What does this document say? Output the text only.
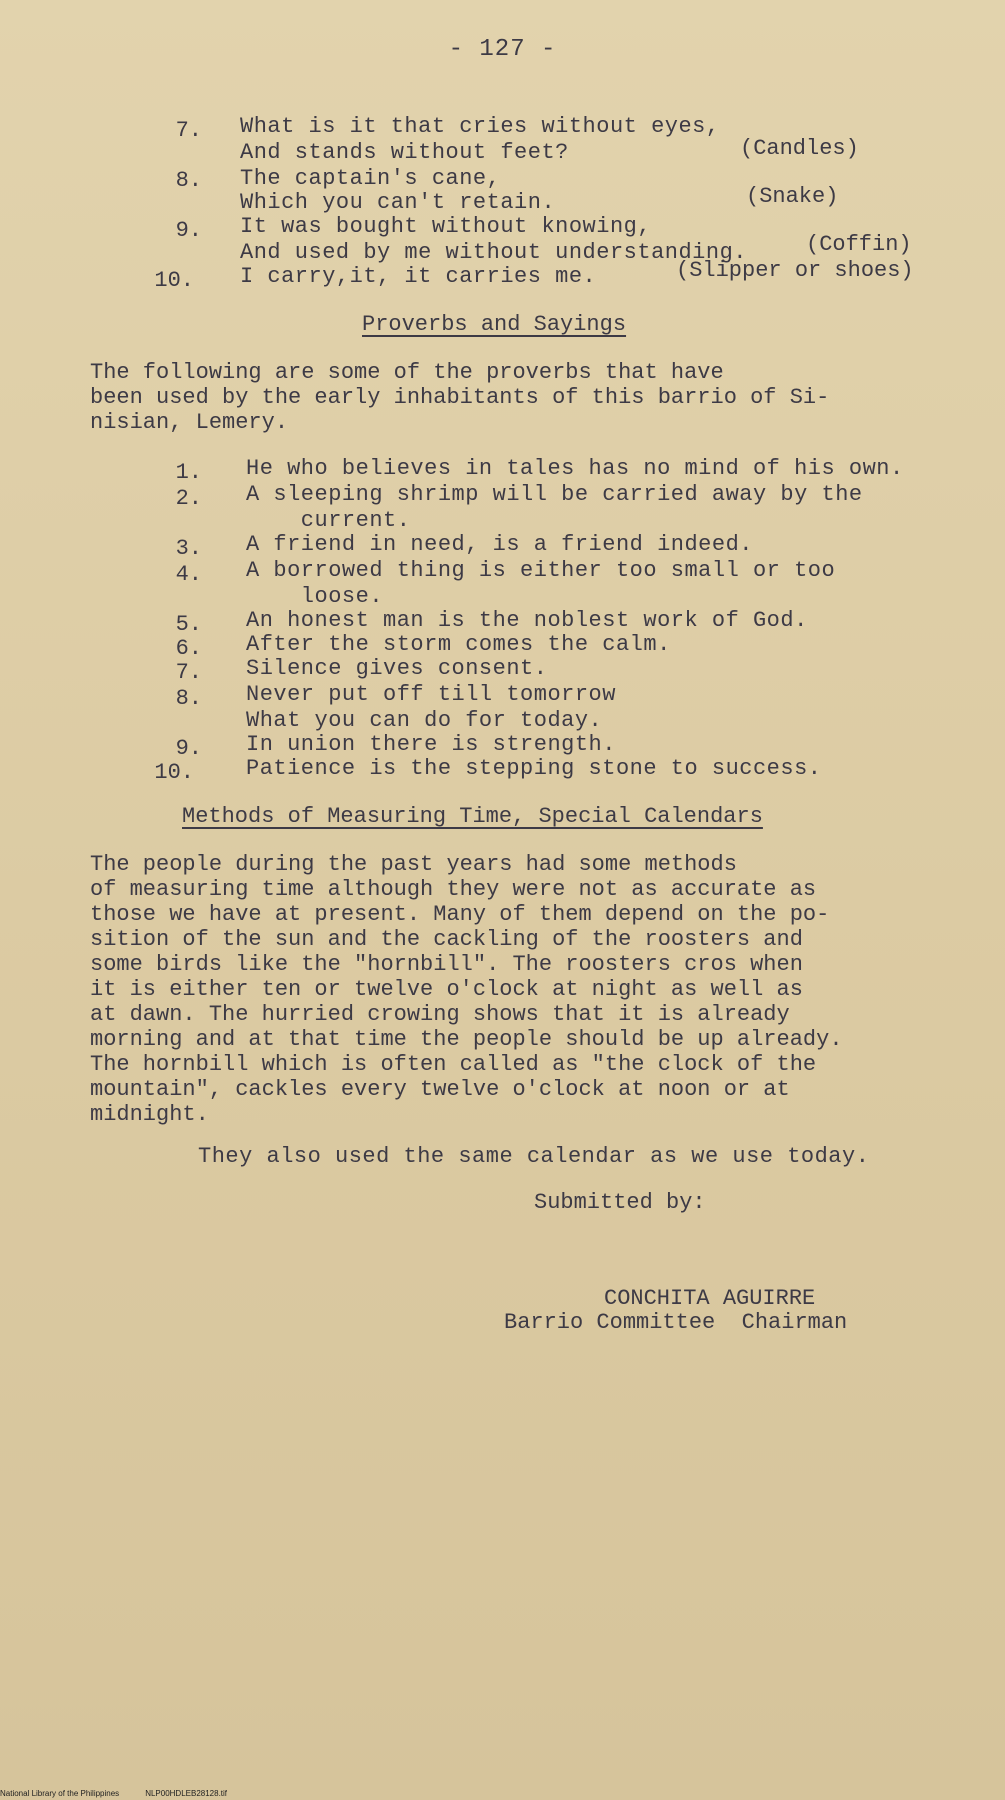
- 127 -
7. What is it that cries without eyes,
And stands without feet?	(Candles)
8. The captain's cane,
Which you can't retain.	(Snake)
9. It was bought without knowing,
And used by me without understanding.	(Coffin)
10. I carry,it, it carries me.	(Slipper or shoes)
Proverbs and Sayings
The following are some of the proverbs that have
been used by the early inhabitants of this barrio of Si-
nisian, Lemery.
1. He who believes in tales has no mind of his own.
2. A sleeping shrimp will be carried away by the
current.
3. A friend in need, is a friend indeed.
4. A borrowed thing is either too small or too
loose.
5. An honest man is the noblest work of God.
6. After the storm comes the calm.
7. Silence gives consent.
8. Never put off till tomorrow
What you can do for today.
9. In union there is strength.
10. Patience is the stepping stone to success.
Methods of Measuring Time, Special Calendars
The people during the past years had some methods
of measuring time although they were not as accurate as
those we have at present. Many of them depend on the po-
sition of the sun and the cackling of the roosters and
some birds like the "hornbill". The roosters cros when
it is either ten or twelve o'clock at night as well as
at dawn. The hurried crowing shows that it is already
morning and at that time the people should be up already.
The hornbill which is often called as "the clock of the
mountain", cackles every twelve o'clock at noon or at
midnight.
They also used the same calendar as we use today.
Submitted by:
CONCHITA AGUIRRE
Barrio Committee  Chairman
National Library of the Philippines	NLP00HDLEB28128.tif
